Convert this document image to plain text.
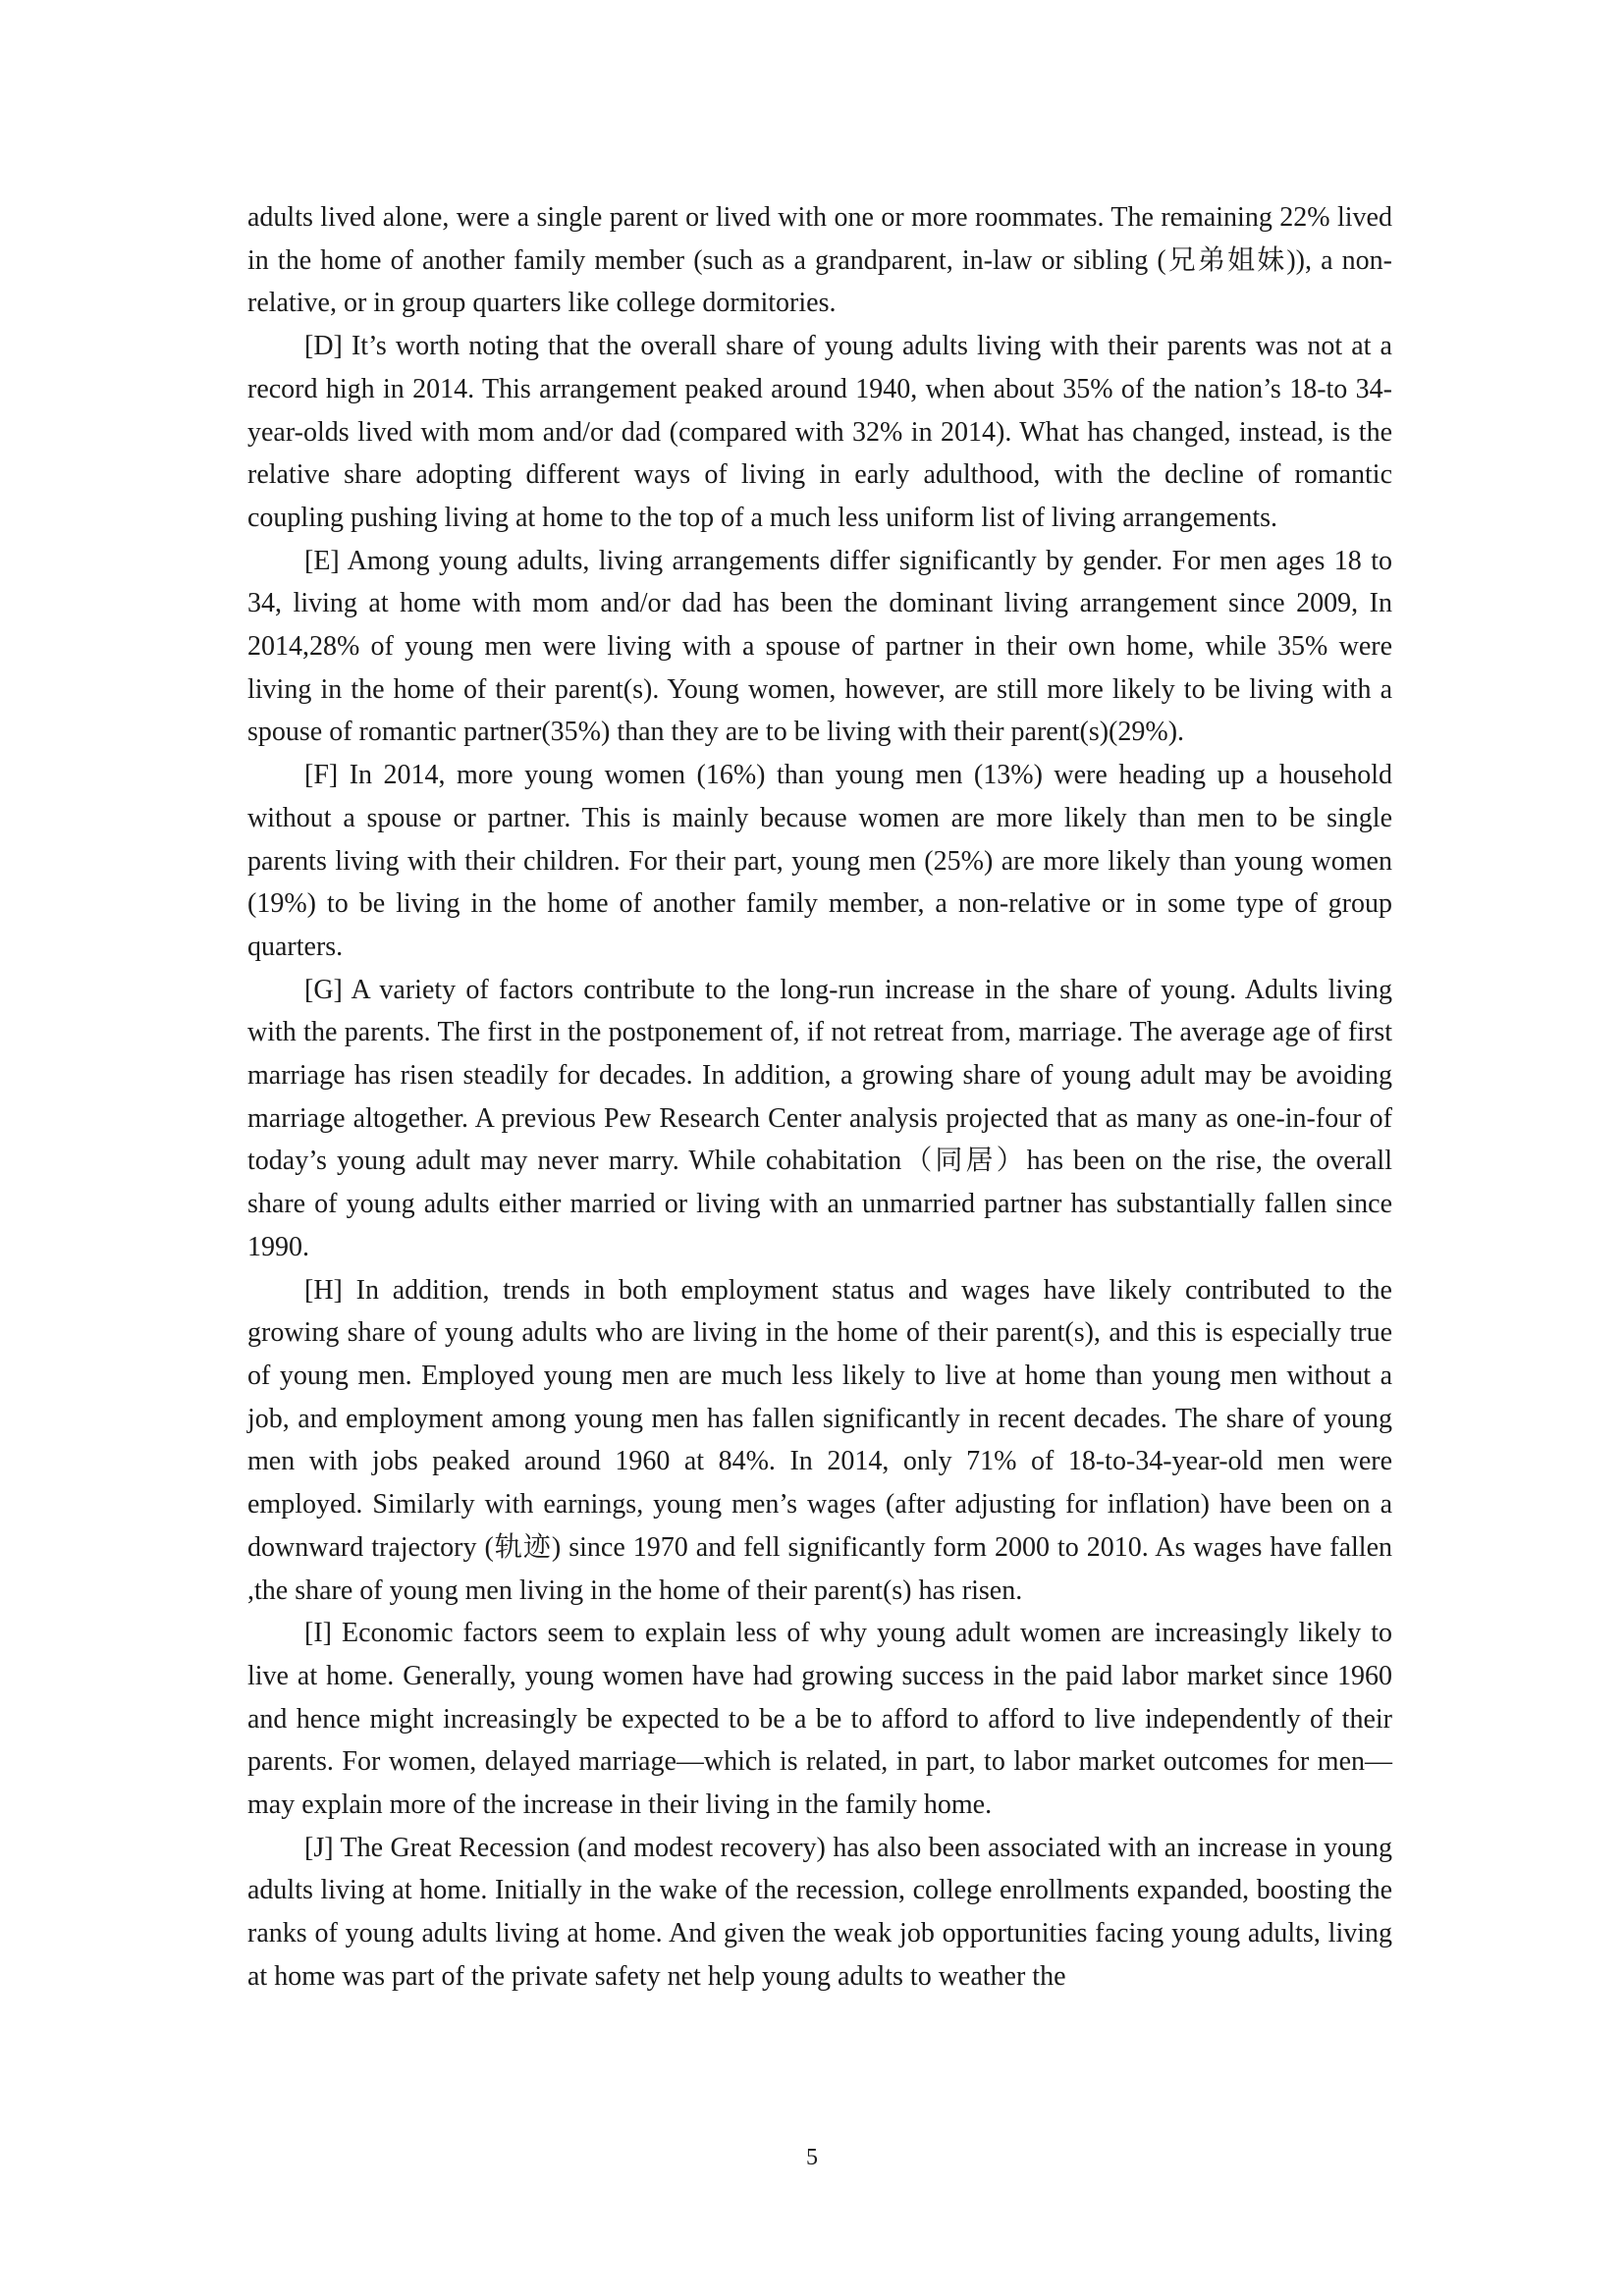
adults lived alone, were a single parent or lived with one or more roommates. The remaining 22% lived in the home of another family member (such as a grandparent, in-law or sibling (兄弟姐妹)), a non-relative, or in group quarters like college dormitories.

[D] It’s worth noting that the overall share of young adults living with their parents was not at a record high in 2014. This arrangement peaked around 1940, when about 35% of the nation’s 18-to 34-year-olds lived with mom and/or dad (compared with 32% in 2014). What has changed, instead, is the relative share adopting different ways of living in early adulthood, with the decline of romantic coupling pushing living at home to the top of a much less uniform list of living arrangements.

[E] Among young adults, living arrangements differ significantly by gender. For men ages 18 to 34, living at home with mom and/or dad has been the dominant living arrangement since 2009, In 2014,28% of young men were living with a spouse of partner in their own home, while 35% were living in the home of their parent(s). Young women, however, are still more likely to be living with a spouse of romantic partner(35%) than they are to be living with their parent(s)(29%).

[F] In 2014, more young women (16%) than young men (13%) were heading up a household without a spouse or partner. This is mainly because women are more likely than men to be single parents living with their children. For their part, young men (25%) are more likely than young women (19%) to be living in the home of another family member, a non-relative or in some type of group quarters.

[G] A variety of factors contribute to the long-run increase in the share of young. Adults living with the parents. The first in the postponement of, if not retreat from, marriage. The average age of first marriage has risen steadily for decades. In addition, a growing share of young adult may be avoiding marriage altogether. A previous Pew Research Center analysis projected that as many as one-in-four of today’s young adult may never marry. While cohabitation（同居）has been on the rise, the overall share of young adults either married or living with an unmarried partner has substantially fallen since 1990.

[H] In addition, trends in both employment status and wages have likely contributed to the growing share of young adults who are living in the home of their parent(s), and this is especially true of young men. Employed young men are much less likely to live at home than young men without a job, and employment among young men has fallen significantly in recent decades. The share of young men with jobs peaked around 1960 at 84%. In 2014, only 71% of 18-to-34-year-old men were employed. Similarly with earnings, young men’s wages (after adjusting for inflation) have been on a downward trajectory (轨迹) since 1970 and fell significantly form 2000 to 2010. As wages have fallen ,the share of young men living in the home of their parent(s) has risen.

[I] Economic factors seem to explain less of why young adult women are increasingly likely to live at home. Generally, young women have had growing success in the paid labor market since 1960 and hence might increasingly be expected to be a be to afford to afford to live independently of their parents. For women, delayed marriage—which is related, in part, to labor market outcomes for men—may explain more of the increase in their living in the family home.

[J] The Great Recession (and modest recovery) has also been associated with an increase in young adults living at home. Initially in the wake of the recession, college enrollments expanded, boosting the ranks of young adults living at home. And given the weak job opportunities facing young adults, living at home was part of the private safety net help young adults to weather the

5
